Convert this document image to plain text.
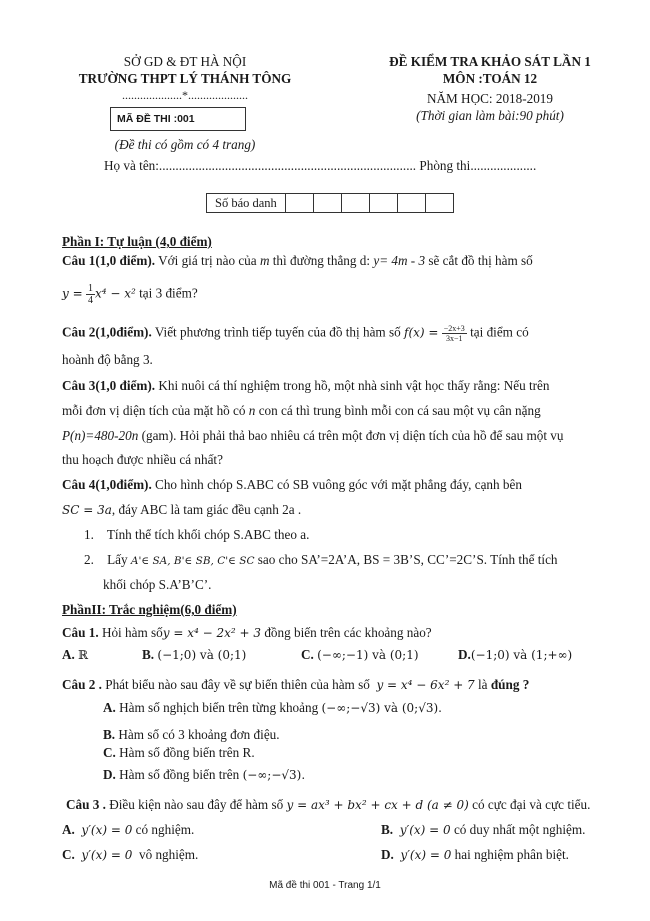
SỞ GD & ĐT HÀ NỘI
TRƯỜNG THPT LÝ THÁNH TÔNG
....................*....................
MÃ ĐỀ THI :001
(Đề thi có gồm có 4 trang)
ĐỀ KIỂM TRA KHẢO SÁT LẦN 1
MÔN :TOÁN 12
NĂM HỌC: 2018-2019
(Thời gian làm bài:90 phút)
Họ và tên:.............................................................................. Phòng thi....................
Số báo danh						
Phần I: Tự luận (4,0 điểm)
Câu 1(1,0 điểm). Với giá trị nào của m thì đường thẳng d: y= 4m - 3 sẽ cắt đồ thị hàm số
$y = \frac{1}{4} x^4 - x^2$ tại 3 điểm?
Câu 2(1,0điểm). Viết phương trình tiếp tuyến của đồ thị hàm số $f(x) = \frac{-2x+3}{3x-1}$ tại điểm có
hoành độ bằng 3.
Câu 3(1,0 điểm). Khi nuôi cá thí nghiệm trong hồ, một nhà sinh vật học thấy rằng: Nếu trên
mỗi đơn vị diện tích của mặt hồ có n con cá thì trung bình mỗi con cá sau một vụ cân nặng
P(n)=480-20n (gam). Hỏi phải thả bao nhiêu cá trên một đơn vị diện tích của hồ để sau một vụ
thu hoạch được nhiều cá nhất?
Câu 4(1,0điểm). Cho hình chóp S.ABC có SB vuông góc với mặt phẳng đáy, cạnh bên
SC = 3a, đáy ABC là tam giác đều cạnh 2a .
1. Tính thể tích khối chóp S.ABC theo a.
2. Lấy A'∈ SA, B'∈ SB, C'∈ SC sao cho SA’=2A’A, BS = 3B’S, CC’=2C’S. Tính thể tích
khối chóp S.A’B’C’.
PhầnII: Trắc nghiệm(6,0 điểm)
Câu 1. Hỏi hàm sốy = x⁴ − 2x² + 3 đồng biến trên các khoảng nào?
A. ℝ	B. (−1;0) và (0;1)	C. (−∞;−1) và (0;1)	D.(−1;0) và (1;+∞)
Câu 2 . Phát biểu nào sau đây về sự biến thiên của hàm số y = x⁴ − 6x² + 7 là đúng ?
A. Hàm số nghịch biến trên từng khoảng (−∞;−√3) và (0;√3).
B. Hàm số có 3 khoảng đơn điệu.
C. Hàm số đồng biến trên R.
D. Hàm số đồng biến trên (−∞;−√3).
Câu 3 . Điều kiện nào sau đây để hàm số y = ax³ + bx² + cx + d (a ≠ 0) có cực đại và cực tiểu.
A. y′(x) = 0 có nghiệm.	B. y′(x) = 0 có duy nhất một nghiệm.
C. y′(x) = 0 vô nghiệm.	D. y′(x) = 0 hai nghiệm phân biệt.
Mã đề thi 001 - Trang 1/1
